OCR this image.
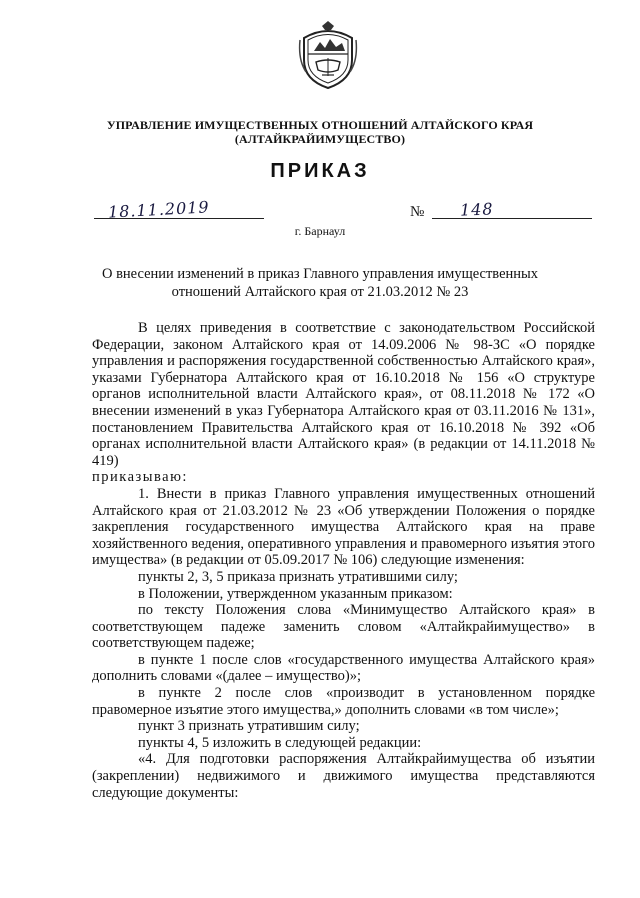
УПРАВЛЕНИЕ ИМУЩЕСТВЕННЫХ ОТНОШЕНИЙ АЛТАЙСКОГО КРАЯ
(АЛТАЙКРАЙИМУЩЕСТВО)
ПРИКАЗ
18.11.2019	№ 148
г. Барнаул
О внесении изменений в приказ Главного управления имущественных
отношений Алтайского края от 21.03.2012 № 23

В целях приведения в соответствие с законодательством Российской Федерации, законом Алтайского края от 14.09.2006 № 98-ЗС «О порядке управления и распоряжения государственной собственностью Алтайского края», указами Губернатора Алтайского края от 16.10.2018 № 156 «О структуре органов исполнительной власти Алтайского края», от 08.11.2018 № 172 «О внесении изменений в указ Губернатора Алтайского края от 03.11.2016 № 131», постановлением Правительства Алтайского края от 16.10.2018 № 392 «Об органах исполнительной власти Алтайского края» (в редакции от 14.11.2018 № 419)

приказываю:

1. Внести в приказ Главного управления имущественных отношений Алтайского края от 21.03.2012 № 23 «Об утверждении Положения о порядке закрепления государственного имущества Алтайского края на праве хозяйственного ведения, оперативного управления и правомерного изъятия этого имущества» (в редакции от 05.09.2017 № 106) следующие изменения:

пункты 2, 3, 5 приказа признать утратившими силу;

в Положении, утвержденном указанным приказом:

по тексту Положения слова «Минимущество Алтайского края» в соответствующем падеже заменить словом «Алтайкрайимущество» в соответствующем падеже;

в пункте 1 после слов «государственного имущества Алтайского края» дополнить словами «(далее – имущество)»;

в пункте 2 после слов «производит в установленном порядке правомерное изъятие этого имущества,» дополнить словами «в том числе»;

пункт 3 признать утратившим силу;

пункты 4, 5 изложить в следующей редакции:

«4. Для подготовки распоряжения Алтайкрайимущества об изъятии (закреплении) недвижимого и движимого имущества представляются следующие документы:
